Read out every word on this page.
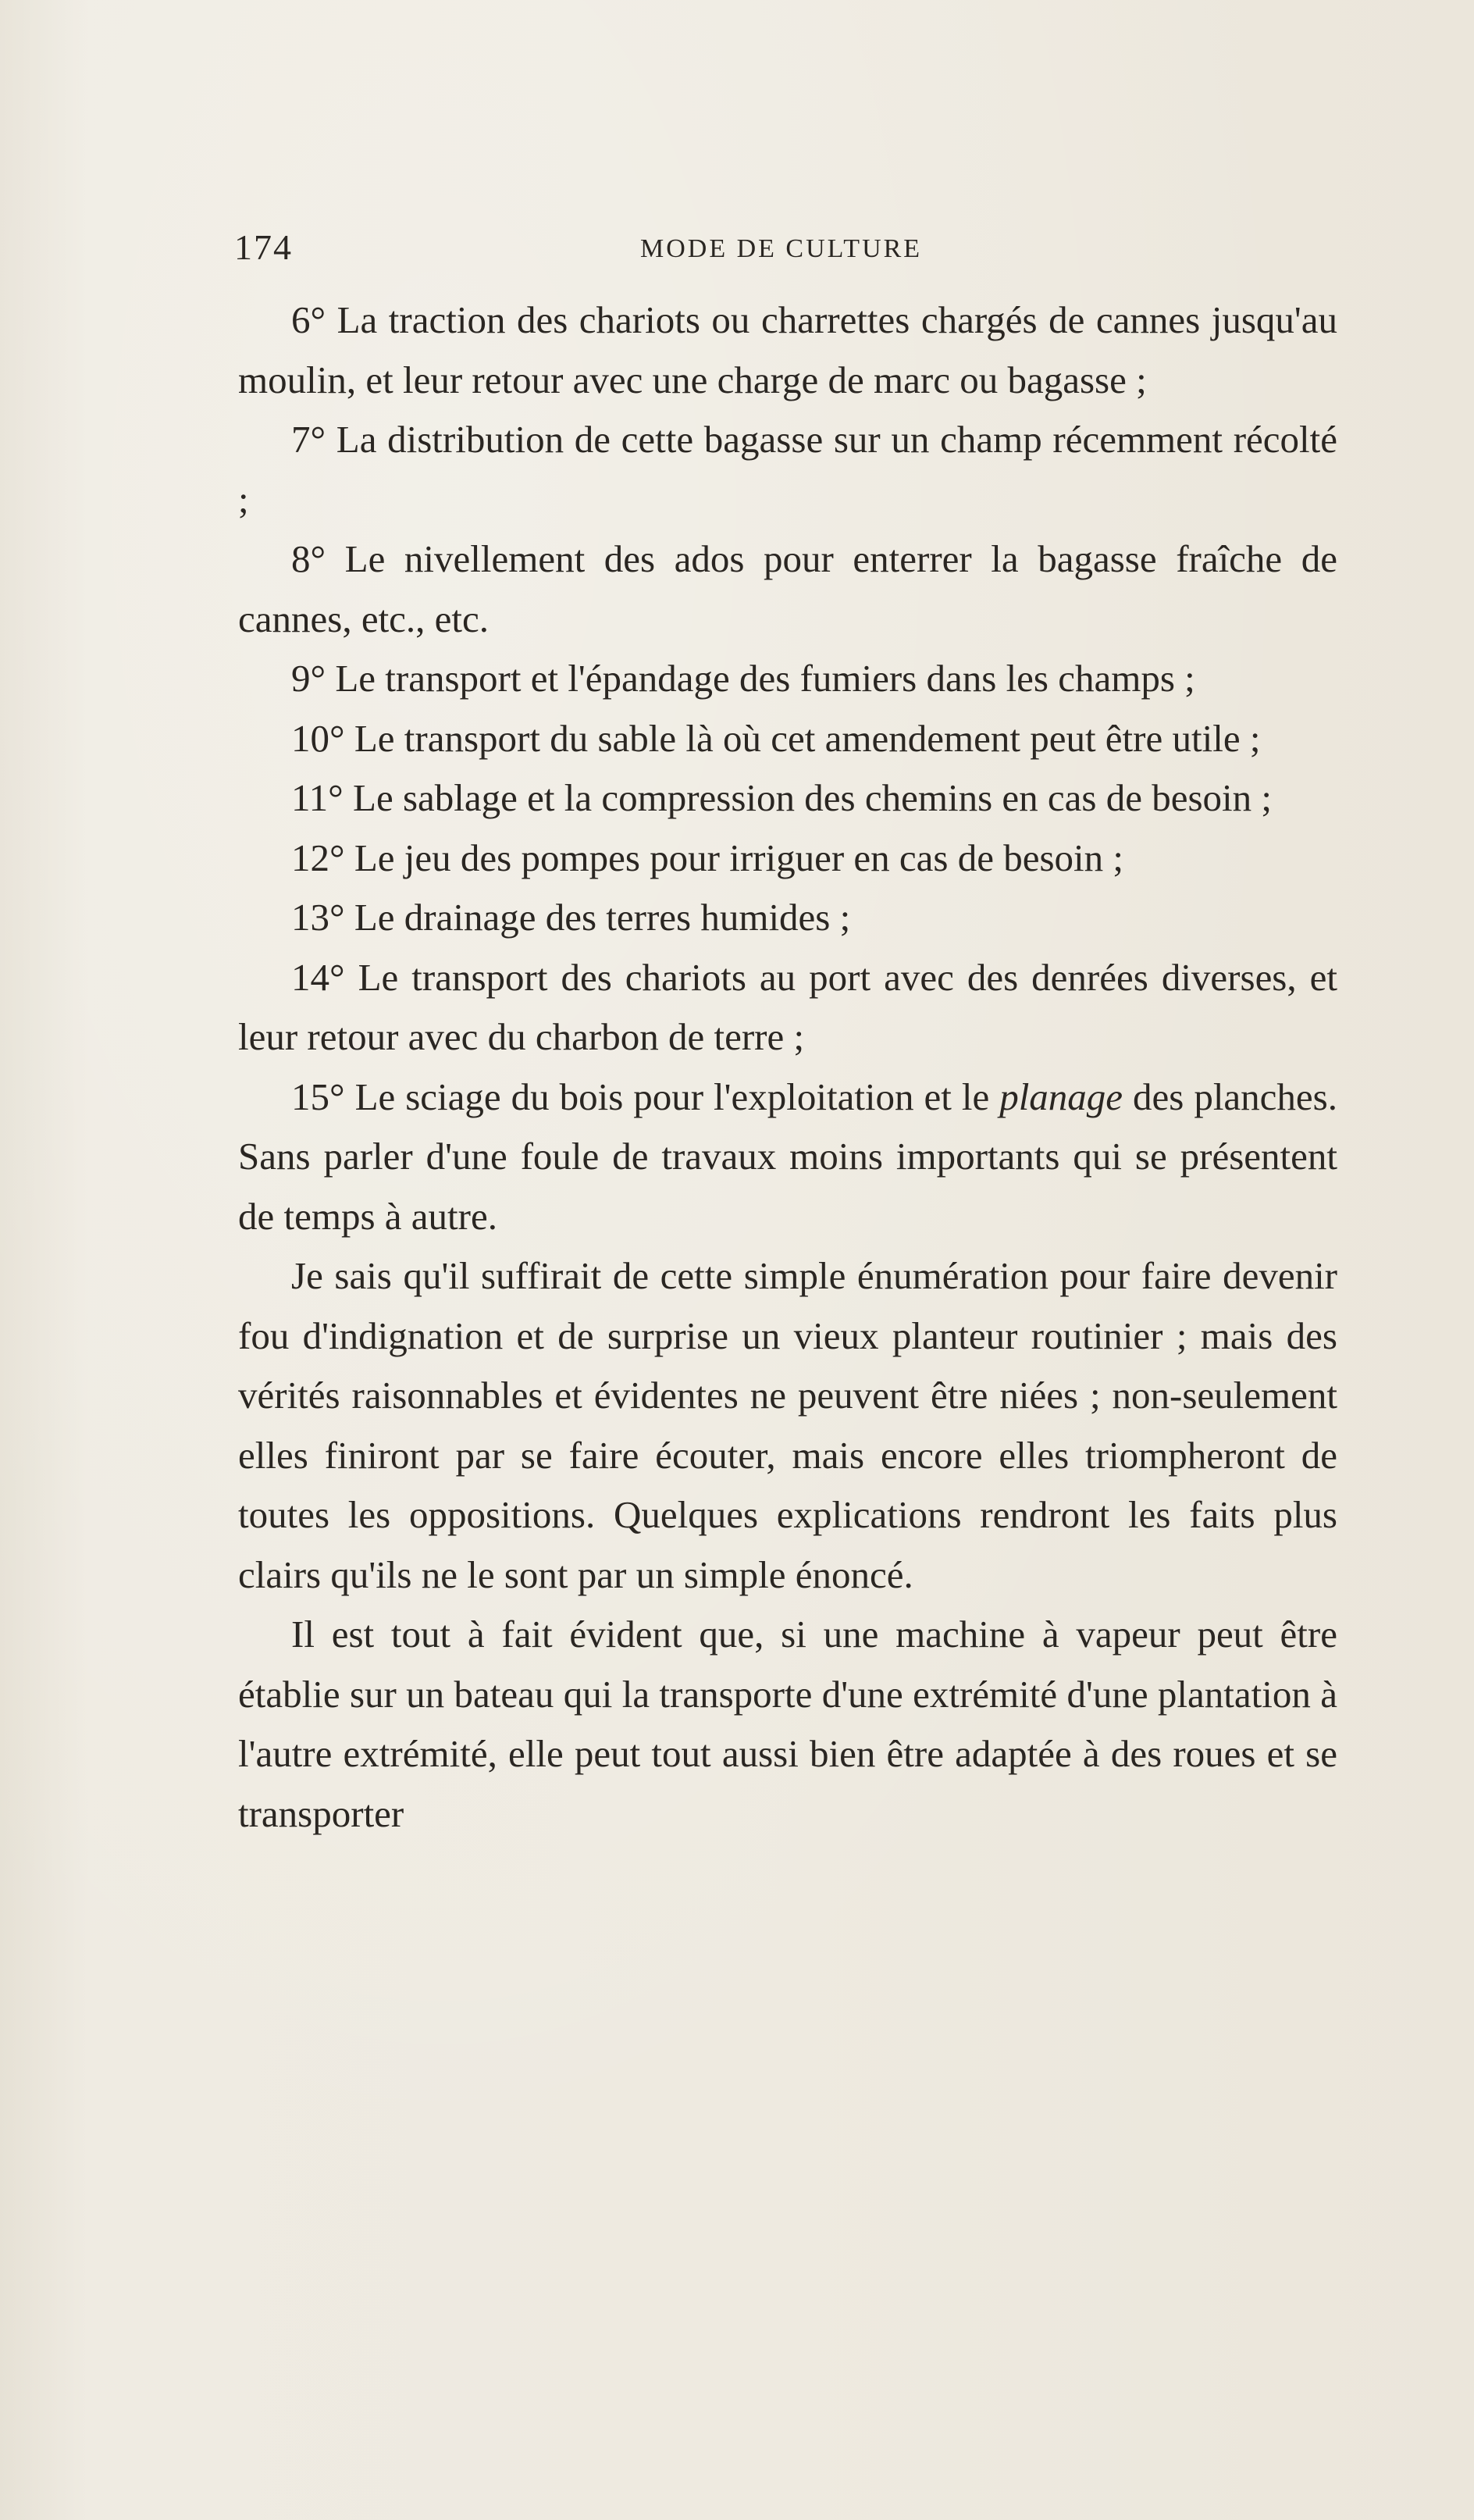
174	MODE DE CULTURE

6° La traction des chariots ou charrettes chargés de cannes jusqu'au moulin, et leur retour avec une charge de marc ou bagasse ;

7° La distribution de cette bagasse sur un champ récemment récolté ;

8° Le nivellement des ados pour enterrer la bagasse fraîche de cannes, etc., etc.

9° Le transport et l'épandage des fumiers dans les champs ;

10° Le transport du sable là où cet amendement peut être utile ;

11° Le sablage et la compression des chemins en cas de besoin ;

12° Le jeu des pompes pour irriguer en cas de besoin ;

13° Le drainage des terres humides ;

14° Le transport des chariots au port avec des denrées diverses, et leur retour avec du charbon de terre ;

15° Le sciage du bois pour l'exploitation et le planage des planches. Sans parler d'une foule de travaux moins importants qui se présentent de temps à autre.

Je sais qu'il suffirait de cette simple énumération pour faire devenir fou d'indignation et de surprise un vieux planteur routinier ; mais des vérités raisonnables et évidentes ne peuvent être niées ; non-seulement elles finiront par se faire écouter, mais encore elles triompheront de toutes les oppositions. Quelques explications rendront les faits plus clairs qu'ils ne le sont par un simple énoncé.

Il est tout à fait évident que, si une machine à vapeur peut être établie sur un bateau qui la transporte d'une extrémité d'une plantation à l'autre extrémité, elle peut tout aussi bien être adaptée à des roues et se transporter
